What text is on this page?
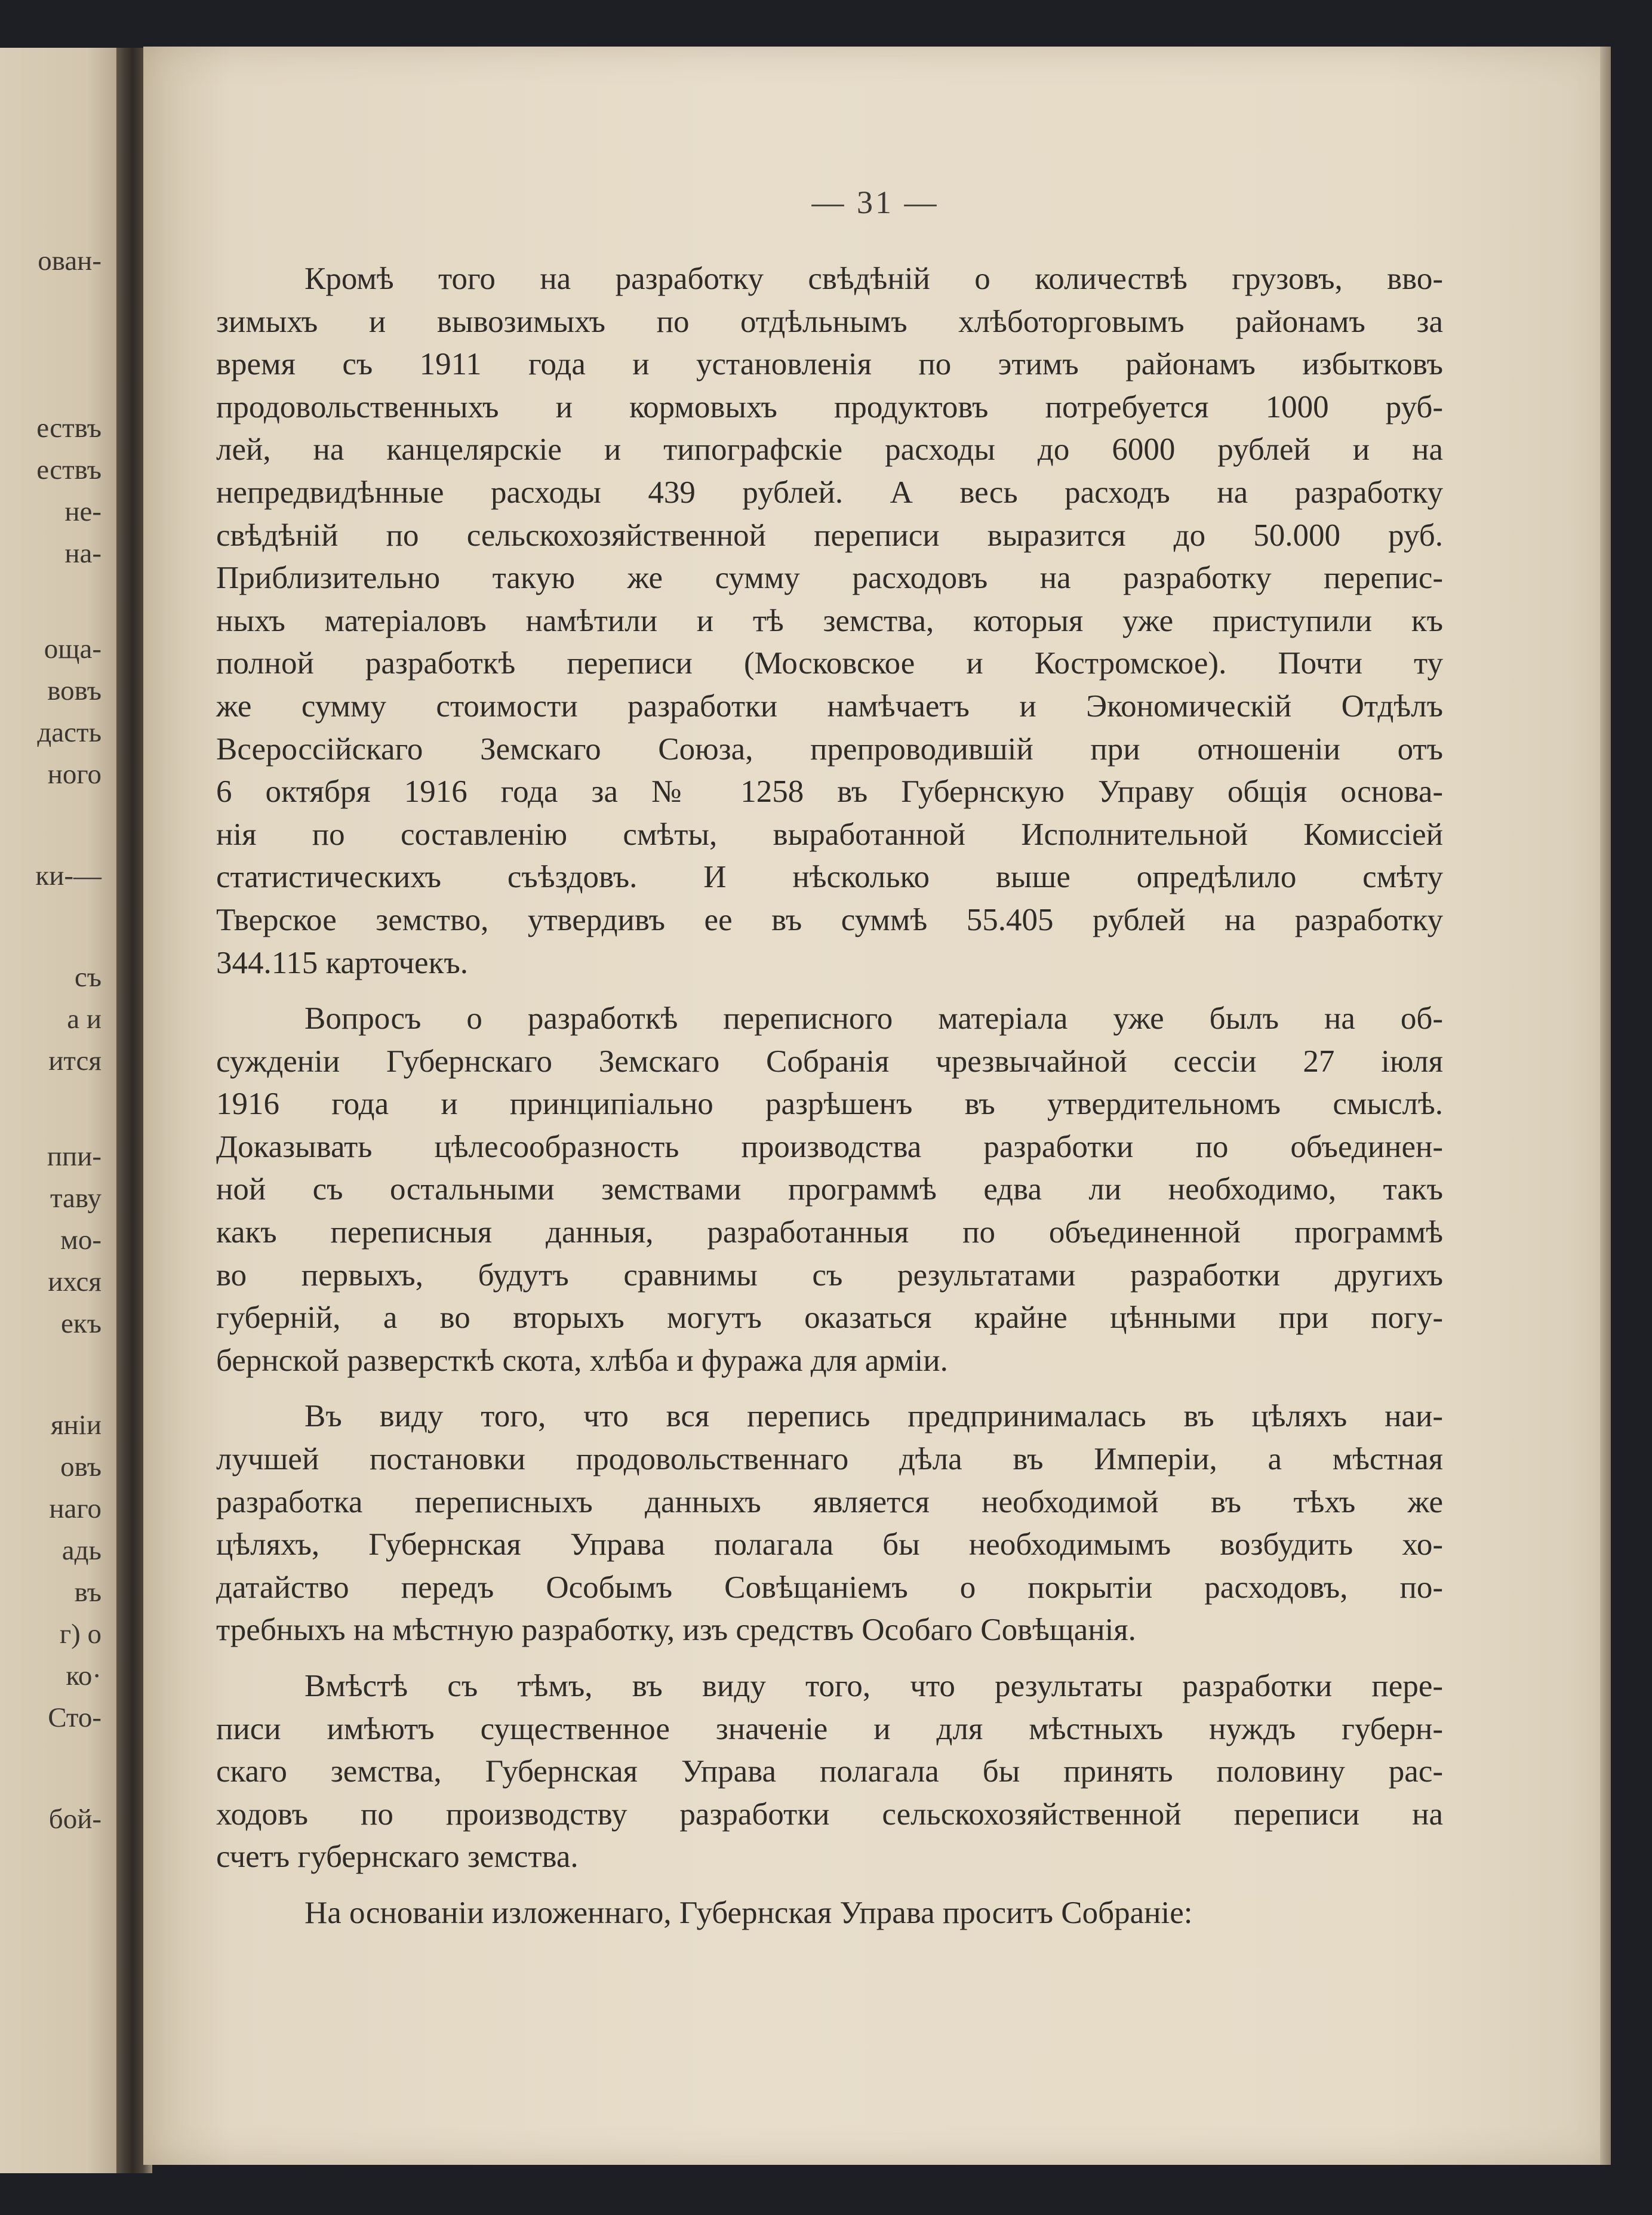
ован-
ествъ
ествъ
не-
на-
оща-
вовъ
дасть
ного
ки-—
съ
а и
ится
ппи-
таву
мо-
ихся
екъ
янiи
овъ
наго
адь
въ
г) о
ко·
Сто-
бой-
— 31 —
Кромѣ того на разработку свѣдѣнiй о количествѣ грузовъ, вво-
зимыхъ и вывозимыхъ по отдѣльнымъ хлѣботорговымъ районамъ за
время съ 1911 года и установленiя по этимъ районамъ избытковъ
продовольственныхъ и кормовыхъ продуктовъ потребуется 1000 руб-
лей, на канцелярскiе и типографскiе расходы до 6000 рублей и на
непредвидѣнные расходы 439 рублей. А весь расходъ на разработку
свѣдѣнiй по сельскохозяйственной переписи выразится до 50.000 руб.
Приблизительно такую же сумму расходовъ на разработку перепис-
ныхъ матерiаловъ намѣтили и тѣ земства, которыя уже приступили къ
полной разработкѣ переписи (Московское и Костромское). Почти ту
же сумму стоимости разработки намѣчаетъ и Экономическiй Отдѣлъ
Всероссiйскаго Земскаго Союза, препроводившiй при отношенiи отъ
6 октября 1916 года за № 1258 въ Губернскую Управу общiя основа-
нiя по составленiю смѣты, выработанной Исполнительной Комиссiей
статистическихъ съѣздовъ. И нѣсколько выше опредѣлило смѣту
Тверское земство, утвердивъ ее въ суммѣ 55.405 рублей на разработку
344.115 карточекъ.
Вопросъ о разработкѣ переписного матерiала уже былъ на об-
сужденiи Губернскаго Земскаго Собранiя чрезвычайной сессiи 27 iюля
1916 года и принципiально разрѣшенъ въ утвердительномъ смыслѣ.
Доказывать цѣлесообразность производства разработки по объединен-
ной съ остальными земствами программѣ едва ли необходимо, такъ
какъ переписныя данныя, разработанныя по объединенной программѣ
во первыхъ, будутъ сравнимы съ результатами разработки другихъ
губернiй, а во вторыхъ могутъ оказаться крайне цѣнными при погу-
бернской разверсткѣ скота, хлѣба и фуража для армiи.
Въ виду того, что вся перепись предпринималась въ цѣляхъ наи-
лучшей постановки продовольственнаго дѣла въ Имперiи, а мѣстная
разработка переписныхъ данныхъ является необходимой въ тѣхъ же
цѣляхъ, Губернская Управа полагала бы необходимымъ возбудить хо-
датайство передъ Особымъ Совѣщанiемъ о покрытiи расходовъ, по-
требныхъ на мѣстную разработку, изъ средствъ Особаго Совѣщанiя.
Вмѣстѣ съ тѣмъ, въ виду того, что результаты разработки пере-
писи имѣютъ существенное значенiе и для мѣстныхъ нуждъ губерн-
скаго земства, Губернская Управа полагала бы принять половину рас-
ходовъ по производству разработки сельскохозяйственной переписи на
счетъ губернскаго земства.
На основанiи изложеннаго, Губернская Управа проситъ Собранiе:
